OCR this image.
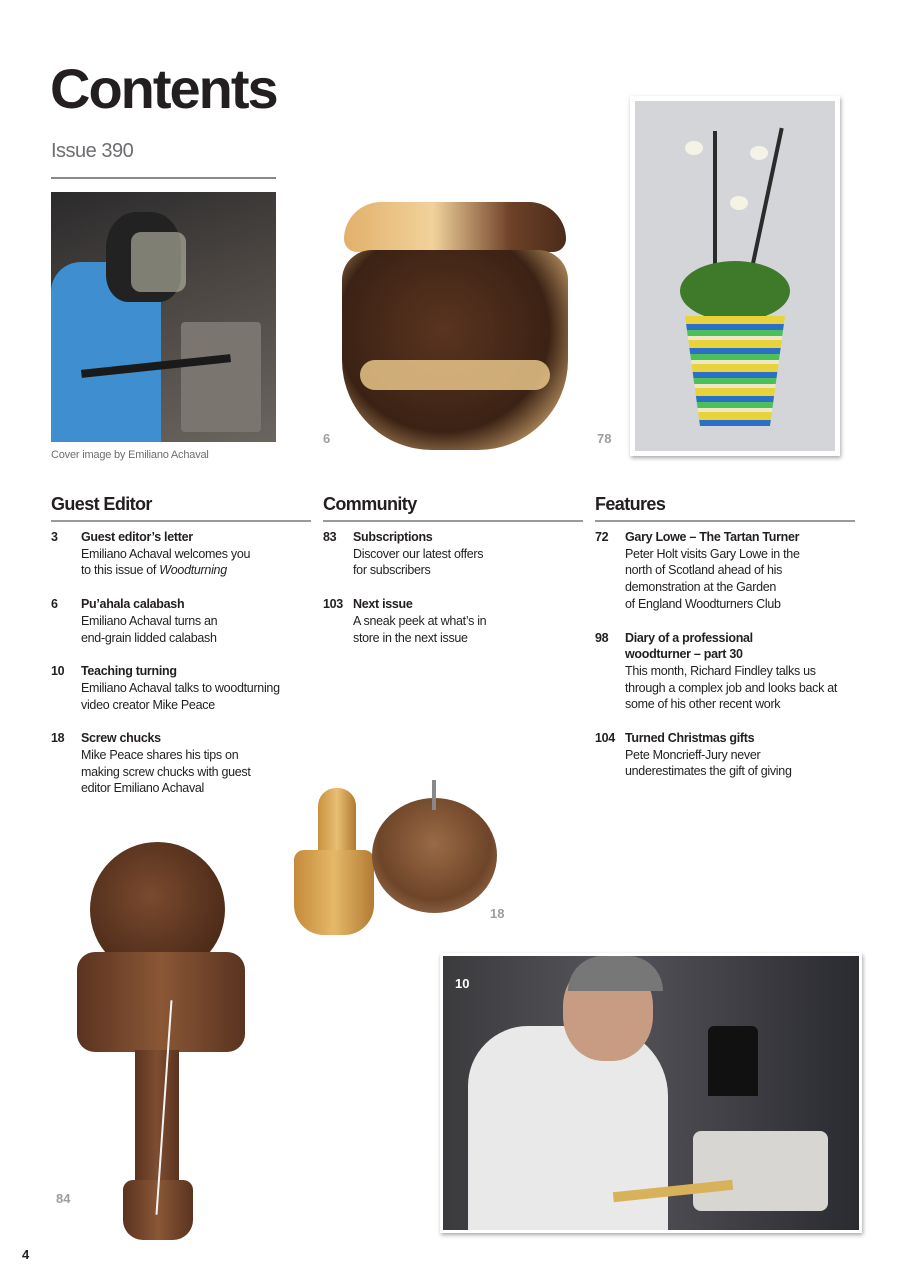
Contents
Issue 390
Cover image by Emiliano Achaval
6	78
Guest Editor
3	Guest editor’s letter
Emiliano Achaval welcomes you
to this issue of Woodturning
6	Pu’ahala calabash
Emiliano Achaval turns an
end-grain lidded calabash
10	Teaching turning
Emiliano Achaval talks to woodturning
video creator Mike Peace
18	Screw chucks
Mike Peace shares his tips on
making screw chucks with guest
editor Emiliano Achaval
Community
83	Subscriptions
Discover our latest offers
for subscribers
103 Next issue
A sneak peek at what’s in
store in the next issue
Features
72	Gary Lowe – The Tartan Turner
Peter Holt visits Gary Lowe in the
north of Scotland ahead of his
demonstration at the Garden
of England Woodturners Club
98	Diary of a professional
woodturner – part 30
This month, Richard Findley talks us
through a complex job and looks back at
some of his other recent work
104 Turned Christmas gifts
Pete Moncrieff-Jury never
underestimates the gift of giving
18
84
10
4
